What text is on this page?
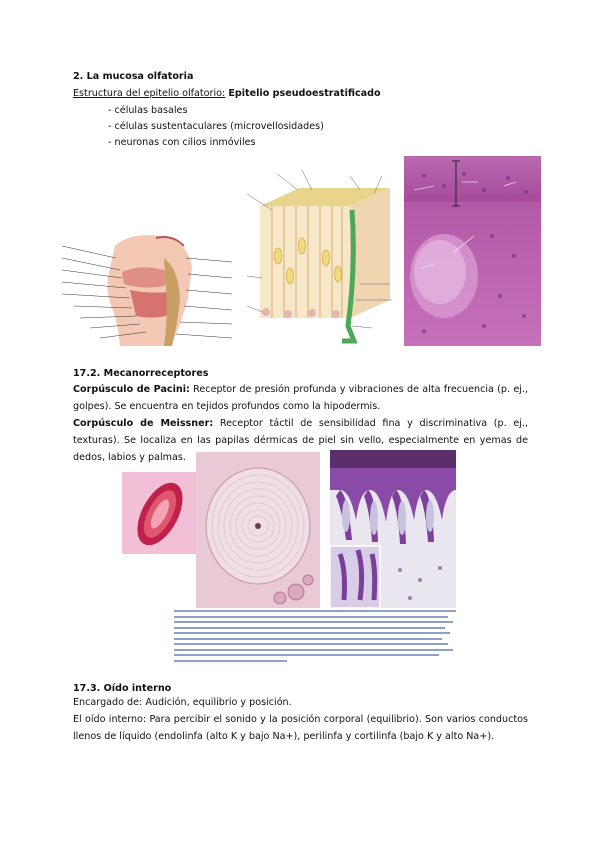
2. La mucosa olfatoria
Estructura del epitelio olfatorio: Epitelio pseudoestratificado
- células basales
- células sustentaculares (microvellosidades)
- neuronas con cilios inmóviles
17.2. Mecanorreceptores
Corpúsculo de Pacini: Receptor de presión profunda y vibraciones de alta frecuencia (p. ej., golpes). Se encuentra en tejidos profundos como la hipodermis.
Corpúsculo de Meissner: Receptor táctil de sensibilidad fina y discriminativa (p. ej., texturas). Se localiza en las papilas dérmicas de piel sin vello, especialmente en yemas de dedos, labios y palmas.
17.3. Oído interno
Encargado de: Audición, equilibrio y posición.
El oído interno: Para percibir el sonido y la posición corporal (equilibrio). Son varios conductos llenos de líquido (endolinfa (alto K y bajo Na+), perilinfa y cortilinfa (bajo K y alto Na+).
